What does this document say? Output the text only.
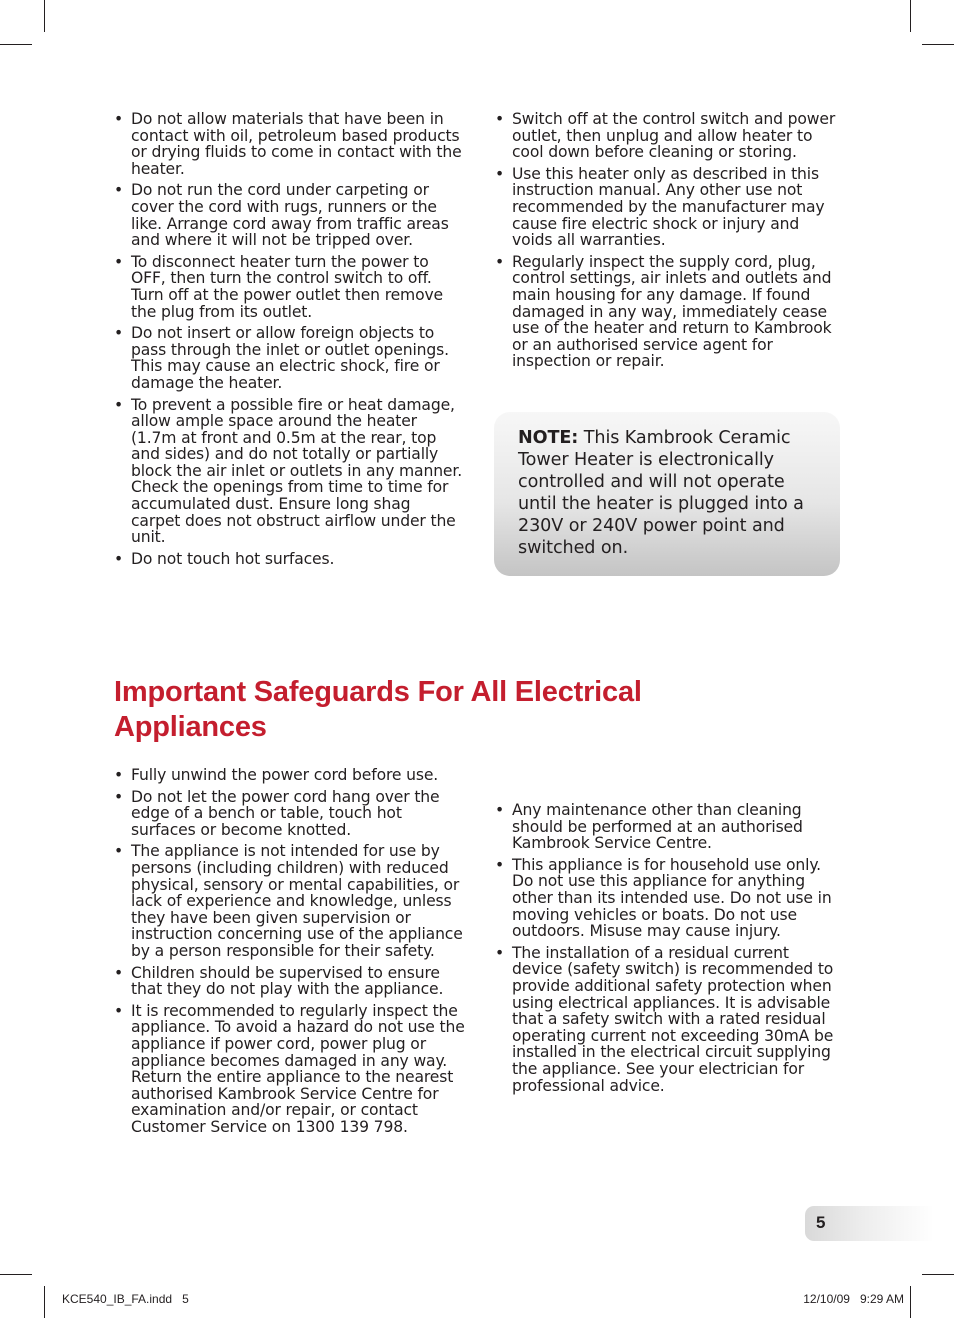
• Do not allow materials that have been in contact with oil, petroleum based products or drying fluids to come in contact with the heater.
• Do not run the cord under carpeting or cover the cord with rugs, runners or the like. Arrange cord away from traffic areas and where it will not be tripped over.
• To disconnect heater turn the power to OFF, then turn the control switch to off. Turn off at the power outlet then remove the plug from its outlet.
• Do not insert or allow foreign objects to pass through the inlet or outlet openings. This may cause an electric shock, fire or damage the heater.
• To prevent a possible fire or heat damage, allow ample space around the heater (1.7m at front and 0.5m at the rear, top and sides) and do not totally or partially block the air inlet or outlets in any manner. Check the openings from time to time for accumulated dust. Ensure long shag carpet does not obstruct airflow under the unit.
• Do not touch hot surfaces.
• Switch off at the control switch and power outlet, then unplug and allow heater to cool down before cleaning or storing.
• Use this heater only as described in this instruction manual. Any other use not recommended by the manufacturer may cause fire electric shock or injury and voids all warranties.
• Regularly inspect the supply cord, plug, control settings, air inlets and outlets and main housing for any damage. If found damaged in any way, immediately cease use of the heater and return to Kambrook or an authorised service agent for inspection or repair.
NOTE: This Kambrook Ceramic Tower Heater is electronically controlled and will not operate until the heater is plugged into a 230V or 240V power point and switched on.
Important Safeguards For All Electrical Appliances
• Fully unwind the power cord before use.
• Do not let the power cord hang over the edge of a bench or table, touch hot surfaces or become knotted.
• The appliance is not intended for use by persons (including children) with reduced physical, sensory or mental capabilities, or lack of experience and knowledge, unless they have been given supervision or instruction concerning use of the appliance by a person responsible for their safety.
• Children should be supervised to ensure that they do not play with the appliance.
• It is recommended to regularly inspect the appliance. To avoid a hazard do not use the appliance if power cord, power plug or appliance becomes damaged in any way. Return the entire appliance to the nearest authorised Kambrook Service Centre for examination and/or repair, or contact Customer Service on 1300 139 798.
• Any maintenance other than cleaning should be performed at an authorised Kambrook Service Centre.
• This appliance is for household use only. Do not use this appliance for anything other than its intended use. Do not use in moving vehicles or boats. Do not use outdoors. Misuse may cause injury.
• The installation of a residual current device (safety switch) is recommended to provide additional safety protection when using electrical appliances. It is advisable that a safety switch with a rated residual operating current not exceeding 30mA be installed in the electrical circuit supplying the appliance. See your electrician for professional advice.
5
KCE540_IB_FA.indd   5	12/10/09   9:29 AM
